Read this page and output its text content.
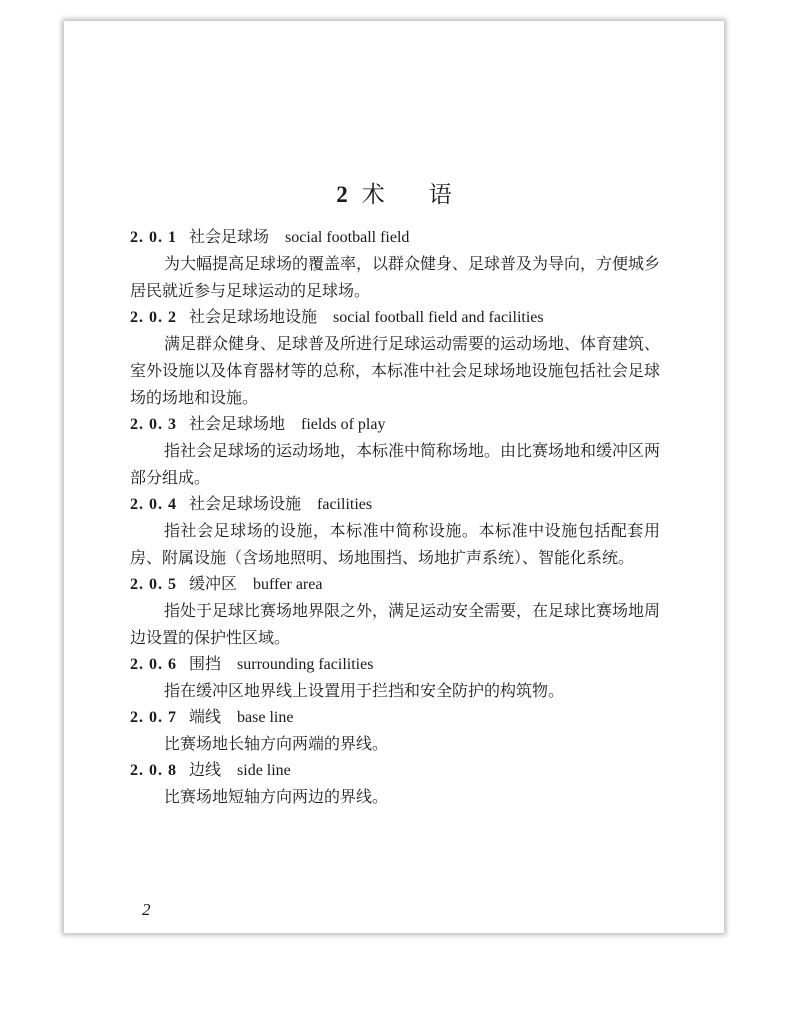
2 术 语
2. 0. 1 社会足球场 social football field

为大幅提高足球场的覆盖率，以群众健身、足球普及为导向，方便城乡居民就近参与足球运动的足球场。

2. 0. 2 社会足球场地设施 social football field and facilities

满足群众健身、足球普及所进行足球运动需要的运动场地、体育建筑、室外设施以及体育器材等的总称，本标准中社会足球场地设施包括社会足球场的场地和设施。

2. 0. 3 社会足球场地 fields of play

指社会足球场的运动场地，本标准中简称场地。由比赛场地和缓冲区两部分组成。

2. 0. 4 社会足球场设施 facilities

指社会足球场的设施，本标准中简称设施。本标准中设施包括配套用房、附属设施（含场地照明、场地围挡、场地扩声系统）、智能化系统。

2. 0. 5 缓冲区 buffer area

指处于足球比赛场地界限之外，满足运动安全需要，在足球比赛场地周边设置的保护性区域。

2. 0. 6 围挡 surrounding facilities

指在缓冲区地界线上设置用于拦挡和安全防护的构筑物。

2. 0. 7 端线 base line

比赛场地长轴方向两端的界线。

2. 0. 8 边线 side line

比赛场地短轴方向两边的界线。

2
